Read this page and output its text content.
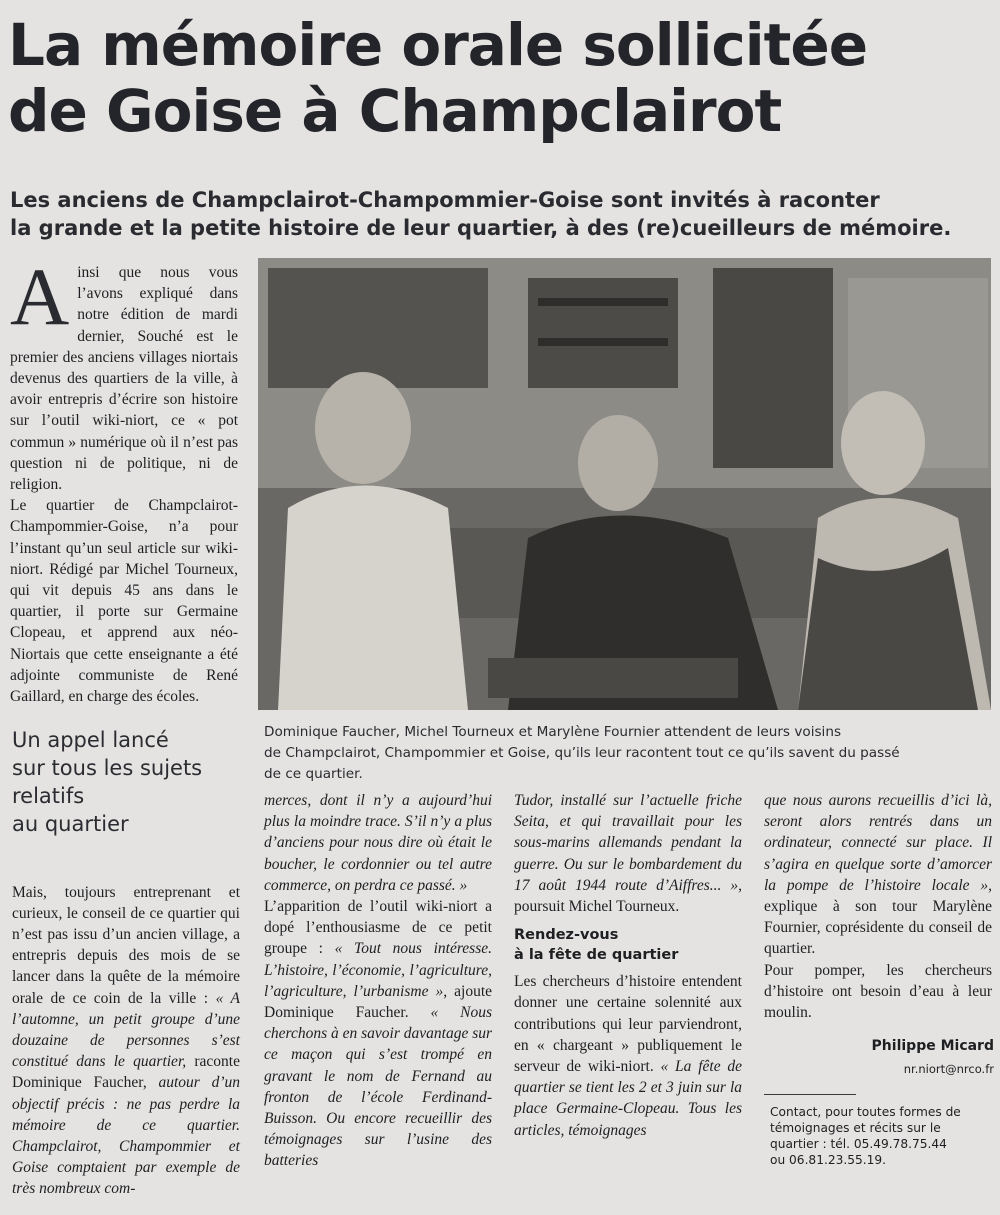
La mémoire orale sollicitée
de Goise à Champclairot
Les anciens de Champclairot-Champommier-Goise sont invités à raconter
la grande et la petite histoire de leur quartier, à des (re)cueilleurs de mémoire.
A insi que nous vous l’avons expliqué dans notre édition de mardi dernier, Souché est le premier des anciens villages niortais devenus des quartiers de la ville, à avoir entrepris d’écrire son histoire sur l’outil wiki-niort, ce « pot commun » numérique où il n’est pas question ni de politique, ni de religion.

Le quartier de Champclairot-Champommier-Goise, n’a pour l’instant qu’un seul article sur wiki-niort. Rédigé par Michel Tourneux, qui vit depuis 45 ans dans le quartier, il porte sur Germaine Clopeau, et apprend aux néo-Niortais que cette enseignante a été adjointe communiste de René Gaillard, en charge des écoles.

Un appel lancé
sur tous les sujets
relatifs
au quartier

Mais, toujours entreprenant et curieux, le conseil de ce quartier qui n’est pas issu d’un ancien village, a entrepris depuis des mois de se lancer dans la quête de la mémoire orale de ce coin de la ville : « A l’automne, un petit groupe d’une douzaine de personnes s’est constitué dans le quartier, raconte Dominique Faucher, autour d’un objectif précis : ne pas perdre la mémoire de ce quartier. Champclairot, Champommier et Goise comptaient par exemple de très nombreux com-

Dominique Faucher, Michel Tourneux et Marylène Fournier attendent de leurs voisins
de Champclairot, Champommier et Goise, qu’ils leur racontent tout ce qu’ils savent du passé
de ce quartier.

merces, dont il n’y a aujourd’hui plus la moindre trace. S’il n’y a plus d’anciens pour nous dire où était le boucher, le cordonnier ou tel autre commerce, on perdra ce passé. »

L’apparition de l’outil wiki-niort a dopé l’enthousiasme de ce petit groupe : « Tout nous intéresse. L’histoire, l’économie, l’agriculture, l’agriculture, l’urbanisme », ajoute Dominique Faucher. « Nous cherchons à en savoir davantage sur ce maçon qui s’est trompé en gravant le nom de Fernand au fronton de l’école Ferdinand-Buisson. Ou encore recueillir des témoignages sur l’usine des batteries

Tudor, installé sur l’actuelle friche Seita, et qui travaillait pour les sous-marins allemands pendant la guerre. Ou sur le bombardement du 17 août 1944 route d’Aiffres... », poursuit Michel Tourneux.

Rendez-vous
à la fête de quartier

Les chercheurs d’histoire entendent donner une certaine solennité aux contributions qui leur parviendront, en « chargeant » publiquement le serveur de wiki-niort. « La fête de quartier se tient les 2 et 3 juin sur la place Germaine-Clopeau. Tous les articles, témoignages

que nous aurons recueillis d’ici là, seront alors rentrés dans un ordinateur, connecté sur place. Il s’agira en quelque sorte d’amorcer la pompe de l’histoire locale », explique à son tour Marylène Fournier, coprésidente du conseil de quartier.

Pour pomper, les chercheurs d’histoire ont besoin d’eau à leur moulin.

Philippe Micard
nr.niort@nrco.fr
Contact, pour toutes formes de
témoignages et récits sur le
quartier : tél. 05.49.78.75.44
ou 06.81.23.55.19.
